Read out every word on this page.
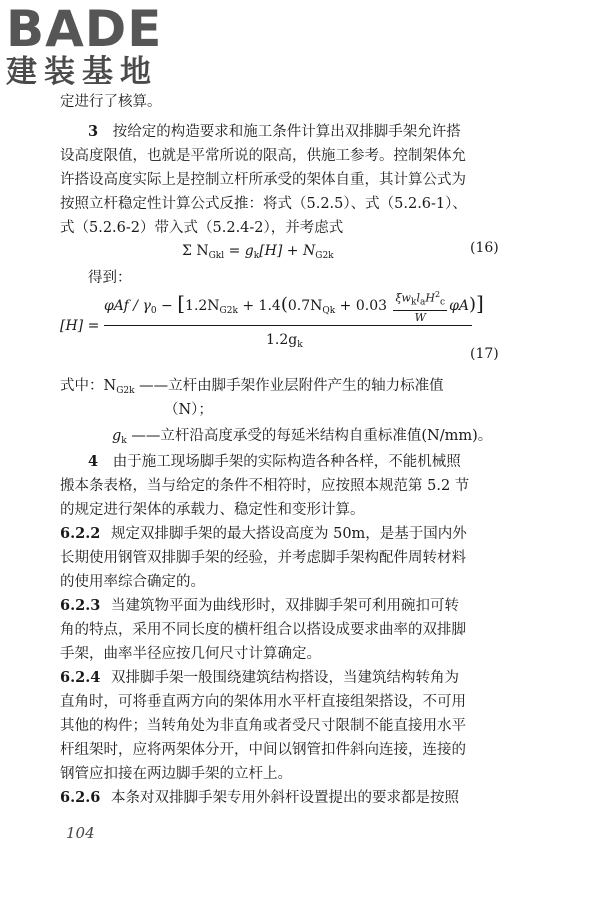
BADE
建装基地
定进行了核算。
3 按给定的构造要求和施工条件计算出双排脚手架允许搭
设高度限值，也就是平常所说的限高，供施工参考。控制架体允
许搭设高度实际上是控制立杆所承受的架体自重，其计算公式为
按照立杆稳定性计算公式反推：将式（5.2.5）、式（5.2.6-1）、
式（5.2.6-2）带入式（5.2.4-2），并考虑式
Σ $N_{Gkl} = g_k[H] + N_{G2k}$	(16)
得到：
[H] =
$\varphi Af / \gamma_0 - [1.2N_{G2k} + 1.4(0.7N_{Qk} + 0.03$ $\xi w_kl_aH^2_c$
W
φA)]
$1.2g_k$
(17)
式中：$N_{G2k}$ ——立杆由脚手架作业层附件产生的轴力标准值
（N）；
$g_k$ ——立杆沿高度承受的每延米结构自重标准值(N/mm)。
4 由于施工现场脚手架的实际构造各种各样，不能机械照
搬本条表格，当与给定的条件不相符时，应按照本规范第 5.2 节
的规定进行架体的承载力、稳定性和变形计算。
6.2.2 规定双排脚手架的最大搭设高度为 50m，是基于国内外
长期使用钢管双排脚手架的经验，并考虑脚手架构配件周转材料
的使用率综合确定的。
6.2.3 当建筑物平面为曲线形时，双排脚手架可利用碗扣可转
角的特点，采用不同长度的横杆组合以搭设成要求曲率的双排脚
手架，曲率半径应按几何尺寸计算确定。
6.2.4 双排脚手架一般围绕建筑结构搭设，当建筑结构转角为
直角时，可将垂直两方向的架体用水平杆直接组架搭设，不可用
其他的构件；当转角处为非直角或者受尺寸限制不能直接用水平
杆组架时，应将两架体分开，中间以钢管扣件斜向连接，连接的
钢管应扣接在两边脚手架的立杆上。
6.2.6 本条对双排脚手架专用外斜杆设置提出的要求都是按照
104
